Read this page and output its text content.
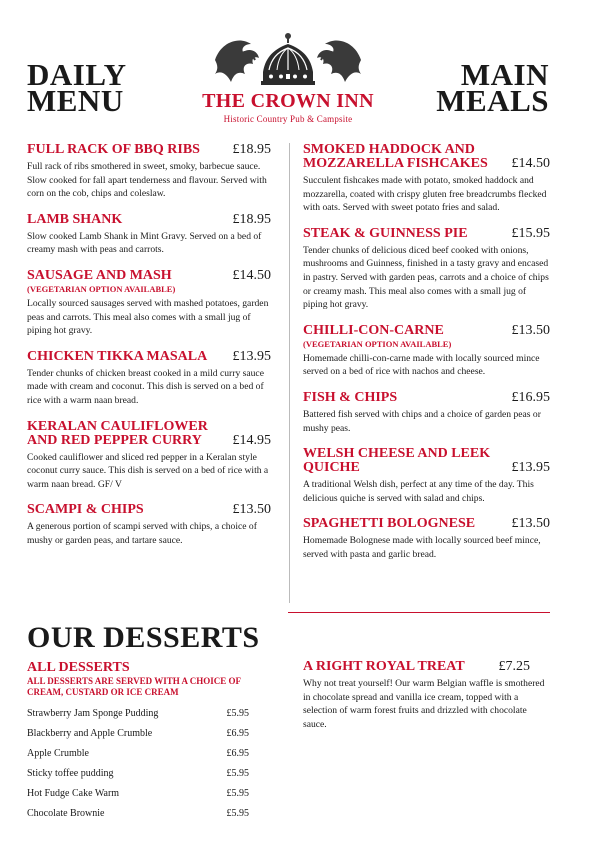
DAILY
MENU
MAIN
MEALS
THE CROWN INN
Historic Country Pub & Campsite
FULL RACK OF BBQ RIBS £18.95
Full rack of ribs smothered in sweet, smoky, barbecue sauce. Slow cooked for fall apart tenderness and flavour. Served with corn on the cob, chips and coleslaw.
LAMB SHANK	£18.95
Slow cooked Lamb Shank in Mint Gravy. Served on a bed of creamy mash with peas and carrots.
SAUSAGE AND MASH	£14.50
(VEGETARIAN OPTION AVAILABLE)
Locally sourced sausages served with mashed potatoes, garden peas and carrots. This meal also comes with a small jug of piping hot gravy.
CHICKEN TIKKA MASALA £13.95
Tender chunks of chicken breast cooked in a mild curry sauce made with cream and coconut. This dish is served on a bed of rice with a warm naan bread.
KERALAN CAULIFLOWER AND RED PEPPER CURRY	£14.95
Cooked cauliflower and sliced red pepper in a Keralan style coconut curry sauce. This dish is served on a bed of rice with a warm naan bread. GF/ V
SCAMPI & CHIPS	£13.50
A generous portion of scampi served with chips, a choice of mushy or garden peas, and tartare sauce.
SMOKED HADDOCK AND MOZZARELLA FISHCAKES	£14.50
Succulent fishcakes made with potato, smoked haddock and mozzarella, coated with crispy gluten free breadcrumbs flecked with oats. Served with sweet potato fries and salad.
STEAK & GUINNESS PIE	£15.95
Tender chunks of delicious diced beef cooked with onions, mushrooms and Guinness, finished in a tasty gravy and encased in pastry. Served with garden peas, carrots and a choice of chips or creamy mash. This meal also comes with a small jug of piping hot gravy.
CHILLI-CON-CARNE	£13.50
(VEGETARIAN OPTION AVAILABLE)
Homemade chilli-con-carne made with locally sourced mince served on a bed of rice with nachos and cheese.
FISH & CHIPS	£16.95
Battered fish served with chips and a choice of garden peas or mushy peas.
WELSH CHEESE AND LEEK QUICHE	£13.95
A traditional Welsh dish, perfect at any time of the day. This delicious quiche is served with salad and chips.
SPAGHETTI BOLOGNESE	£13.50
Homemade Bolognese made with locally sourced beef mince, served with pasta and garlic bread.
OUR DESSERTS
ALL DESSERTS
ALL DESSERTS ARE SERVED WITH A CHOICE OF CREAM, CUSTARD OR ICE CREAM
Strawberry Jam Sponge Pudding	£5.95
Blackberry and Apple Crumble	£6.95
Apple Crumble	£6.95
Sticky toffee pudding	£5.95
Hot Fudge Cake Warm	£5.95
Chocolate Brownie	£5.95
A RIGHT ROYAL TREAT £7.25
Why not treat yourself! Our warm Belgian waffle is smothered in chocolate spread and vanilla ice cream, topped with a selection of warm forest fruits and drizzled with chocolate sauce.
